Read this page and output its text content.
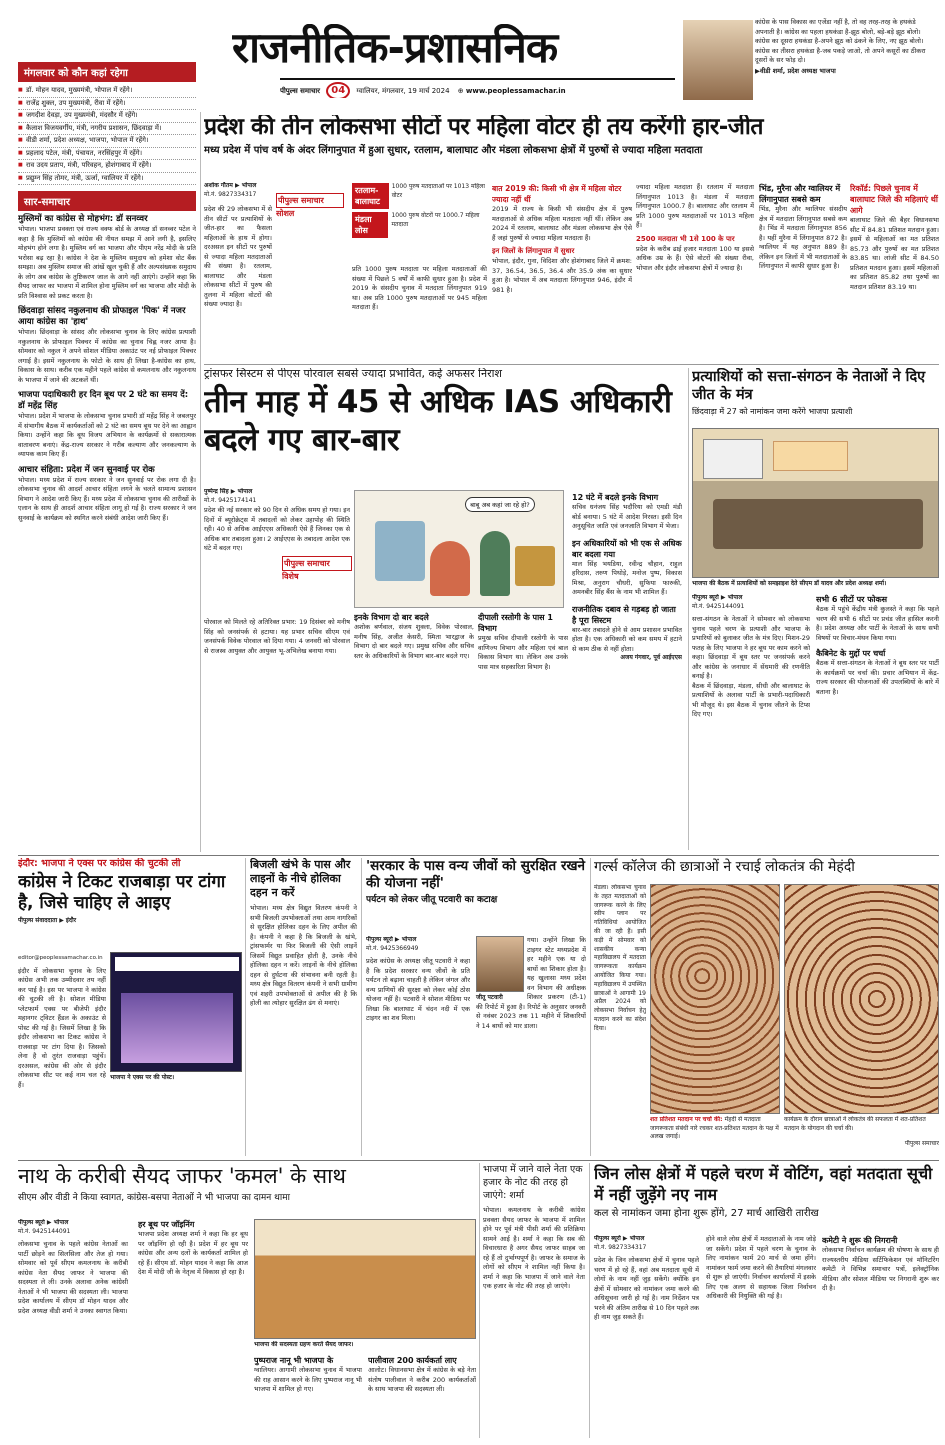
राजनीतिक-प्रशासनिक
पीपुल्स समाचार 04 ग्वालियर, मंगलवार, 19 मार्च 2024 ⊕ www.peoplessamachar.in
कांग्रेस के पास विकास का एजेंडा नहीं है, तो वह तरह-तरह के हथकंडे अपनाती है। कांग्रेस का पहला हथकंडा है-झूठ बोलो, बड़े-बड़े झूठ बोलो। कांग्रेस का दूसरा हथकंडा है-अपने झूठ को ढंकने के लिए, नए झूठ बोलो। कांग्रेस का तीसरा हथकंडा है-जब पकड़े जाओ, तो अपने कसूरों का ठीकरा दूसरों के सर फोड़ दो।
▶वीडी शर्मा, प्रदेश अध्यक्ष भाजपा
मंगलवार को कौन कहां रहेगा
■ डॉ. मोहन यादव, मुख्यमंत्री, भोपाल में रहेंगे।
■ राजेंद्र शुक्ल, उप मुख्यमंत्री, रीवा में रहेंगे।
■ जगदीश देवड़ा, उप मुख्यमंत्री, मंदसौर में रहेंगे।
■ कैलाश विजयवर्गीय, मंत्री, नगरीय प्रशासन, छिंदवाड़ा में।
■ वीडी शर्मा, प्रदेश अध्यक्ष, भाजपा, भोपाल में रहेंगे।
■ प्रहलाद पटेल, मंत्री, पंचायत, नरसिंहपुर में रहेंगे।
■ राव उदय प्रताप, मंत्री, परिवहन, होशंगाबाद में रहेंगे।
■ प्रद्युम्न सिंह तोमर, मंत्री, ऊर्जा, ग्वालियर में रहेंगे।
सार-समाचार
मुस्लिमों का कांग्रेस से मोहभंग: डॉ सनव्वर
भोपाल। भाजपा प्रवक्ता एवं राज्य वक्फ बोर्ड के अध्यक्ष डॉ सनव्वर पटेल ने कहा है कि मुस्लिमों को कांग्रेस की नीयत समझ में आने लगी है, इसलिए मोहभंग होने लगा है। मुस्लिम वर्ग का भाजपा और पीएम नरेंद्र मोदी के प्रति भरोसा बढ़ रहा है। कांग्रेस ने देश के मुस्लिम समुदाय को हमेशा वोट बैंक समझा। अब मुस्लिम समाज की आंखें खुल चुकी हैं और अल्पसंख्यक समुदाय के लोग अब कांग्रेस के तुष्टिकरण जाल के आगे नहीं आएंगे। उन्होंने कहा कि सैयद जाफर का भाजपा में शामिल होना मुस्लिम वर्ग का भाजपा और मोदी के प्रति विश्वास को प्रकट करता है।
छिंदवाड़ा सांसद नकुलनाथ की प्रोफाइल 'पिक' में नजर आया कांग्रेस का 'हाथ'
भोपाल। छिंदवाड़ा के सांसद और लोकसभा चुनाव के लिए कांग्रेस प्रत्याशी नकुलनाथ के प्रोफाइल पिक्चर में कांग्रेस का चुनाव चिह्न नजर आया है। सोमवार को नकुल ने अपने सोशल मीडिया अकाउंट पर नई प्रोफाइल पिक्चर लगाई है। इसमें नकुलनाथ के फोटो के साथ ही लिखा है-कांग्रेस का हाथ, विकास के साथ। करीब एक महीने पहले कांग्रेस से कमलनाथ और नकुलनाथ के भाजपा में जाने की अटकलें थीं।
भाजपा पदाधिकारी हर दिन बूथ पर 2 घंटे का समय दें: डॉ महेंद्र सिंह
भोपाल। प्रदेश में भाजपा के लोकसभा चुनाव प्रभारी डॉ महेंद्र सिंह ने जबलपुर में संभागीय बैठक में कार्यकर्ताओं को 2 घंटे का समय बूथ पर देने का आह्वान किया। उन्होंने कहा कि बूथ विजय अभियान के कार्यक्रमों से सकारात्मक वातावरण बनाएं। केंद्र-राज्य सरकार ने गरीब कल्याण और जनकल्याण के व्यापक काम किए हैं।
आचार संहिता: प्रदेश में जन सुनवाई पर रोक
भोपाल। मध्य प्रदेश में राज्य सरकार ने जन सुनवाई पर रोक लगा दी है। लोकसभा चुनाव की आदर्श आचार संहिता लगने के चलते सामान्य प्रशासन विभाग ने आदेश जारी किए हैं। मध्य प्रदेश में लोकसभा चुनाव की तारीखों के एलान के साथ ही आदर्श आचार संहिता लागू हो गई है। राज्य सरकार ने जन सुनवाई के कार्यक्रम को स्थगित करने संबंधी आदेश जारी किए हैं।
प्रदेश की तीन लोकसभा सीटों पर महिला वोटर ही तय करेंगी हार-जीत
मध्य प्रदेश में पांच वर्ष के अंदर लिंगानुपात में हुआ सुधार, रतलाम, बालाघाट और मंडला लोकसभा क्षेत्रों में पुरुषों से ज्यादा महिला मतदाता
अशोक गौतम ▶ भोपाल
मो.नं. 9827334317
प्रदेश की 29 लोकसभा में से तीन सीटों पर प्रत्याशियों के जीत-हार का फैसला महिलाओं के हाथ में होगा। दरअसल इन सीटों पर पुरुषों से ज्यादा महिला मतदाताओं की संख्या है। रतलाम, बालाघाट और मंडला लोकसभा सीटों में पुरुष की तुलना में महिला वोटरों की संख्या ज्यादा है।
पीपुल्स समाचार
सोशल
रतलाम-बालाघाट
1000 पुरुष मतदाताओं पर 1013 महिला वोटर
मंडला लोस
1000 पुरुष वोटरों पर 1000.7 महिला मतदाता
प्रति 1000 पुरुष मतदाता पर महिला मतदाताओं की संख्या में पिछले 5 वर्षों में काफी सुधार हुआ है। प्रदेश में 2019 के संसदीय चुनाव में मतदाता लिंगानुपात 919 था। अब प्रति 1000 पुरुष मतदाताओं पर 945 महिला मतदाता हैं।
बात 2019 की: किसी भी क्षेत्र में महिला वोटर ज्यादा नहीं थीं
2019 में राज्य के किसी भी संसदीय क्षेत्र में पुरुष मतदाताओं से अधिक महिला मतदाता नहीं थीं। लेकिन अब 2024 में रतलाम, बालाघाट और मंडला लोकसभा क्षेत्र ऐसे हैं जहां पुरुषों से ज्यादा महिला मतदाता हैं।
इन जिलों के लिंगानुपात में सुधार
भोपाल, इंदौर, गुना, विदिशा और होशंगाबाद जिले में क्रमश: 37, 36.54, 36.5, 36.4 और 35.9 अंक का सुधार हुआ है। भोपाल में अब मतदाता लिंगानुपात 946, इंदौर में 981 है।
ज्यादा महिला मतदाता हैं। रतलाम में मतदाता लिंगानुपात 1013 है। मंडला में मतदाता लिंगानुपात 1000.7 है। बालाघाट और रतलाम में प्रति 1000 पुरुष मतदाताओं पर 1013 महिला हैं।
2500 मतदाता भी 1से 100 के पार
प्रदेश के करीब ढाई हजार मतदाता 100 या इससे अधिक उम्र के हैं। ऐसे वोटरों की संख्या रीवा, भोपाल और इंदौर लोकसभा क्षेत्रों में ज्यादा है।
भिंड, मुरैना और ग्वालियर में लिंगानुपात सबसे कम
भिंड, मुरैना और ग्वालियर संसदीय क्षेत्र में मतदाता लिंगानुपात सबसे कम है। भिंड में मतदाता लिंगानुपात 856 है। यहीं मुरैना में लिंगानुपात 872 है। ग्वालियर में यह अनुपात 889 है। लेकिन इन जिलों में भी मतदाताओं के लिंगानुपात में काफी सुधार हुआ है।
रिकॉर्ड: पिछले चुनाव में बालाघाट जिले की महिलाएं थीं आगे
बालाघाट जिले की बैहर विधानसभा सीट में 84.81 प्रतिशत मतदान हुआ। इसमें से महिलाओं का मत प्रतिशत 85.73 और पुरुषों का मत प्रतिशत 83.85 था। लांजी सीट में 84.50 प्रतिशत मतदान हुआ। इसमें महिलाओं का प्रतिशत 85.82 तथा पुरुषों का मतदान प्रतिशत 83.19 था।
ट्रांसफर सिस्टम से पीएस पोरवाल सबसे ज्यादा प्रभावित, कई अफसर निराश
तीन माह में 45 से अधिक IAS अधिकारी बदले गए बार-बार
पुष्पेन्द्र सिंह ▶ भोपाल
मो.नं. 9425174141
बाबू अब कहां जा रहे हो?
प्रदेश की नई सरकार को 90 दिन से अधिक समय हो गया। इन दिनों में ब्यूरोक्रेट्स में तबादलों को लेकर उहापोह की स्थिति रही। 40 से अधिक आईएएस अधिकारी ऐसे हैं जिनका एक से अधिक बार तबादला हुआ। 2 आईएएस के तबादला आदेश एक घंटे में बदल गए।
पीपुल्स समाचार
विशेष
पोरवाल को मिलते रहे अतिरिक्त प्रभार: 19 दिसंबर को मनीष सिंह को जनसंपर्क से हटाया। यह प्रभार सचिव सीएम एवं जनसंपर्क विवेक पोरवाल को दिया गया। 4 जनवरी को पोरवाल से राजस्व आयुक्त और आयुक्त भू-अभिलेख बनाया गया।
इनके विभाग दो बार बदले
अशोक बर्णवाल, संजय शुक्ला, विवेक पोरवाल, मनीष सिंह, अजीत केसरी, स्मिता भारद्वाज के विभाग दो बार बदले गए। प्रमुख सचिव और सचिव स्तर के अधिकारियों के विभाग बार-बार बदले गए।
दीपाली रस्तोगी के पास 1 विभाग
प्रमुख सचिव दीपाली रस्तोगी के पास वाणिज्य विभाग और महिला एवं बाल विकास विभाग था। लेकिन अब उनके पास मात्र सहकारिता विभाग है।
12 घंटे में बदले इनके विभाग
सचिव धनंजय सिंह भदौरिया को एमडी मंडी बोर्ड बनाया। 5 घंटे में आदेश निरस्त। इसी दिन अनुसूचित जाति एवं जनजाति विभाग में भेजा।
इन अधिकारियों को भी एक से अधिक बार बदला गया
माल सिंह भयडिया, रवीन्द्र चौहान, राहुल हरिदास, तरुण पिथोड़े, मनोज पुष्प, विकास मिश्रा, अनुराग चौधरी, सुफिया फारुकी, अमनबीर सिंह बैंस के नाम भी शामिल हैं।
राजनीतिक दबाव से गड़बड़ हो जाता है पूरा सिस्टम
बार-बार तबादले होने से आम प्रशासन प्रभावित होता है। एक अधिकारी को कम समय में हटाने से काम ठीक से नहीं होता।
अजय गंगवार, पूर्व आईएएस
प्रत्याशियों को सत्ता-संगठन के नेताओं ने दिए जीत के मंत्र
छिंदवाड़ा में 27 को नामांकन जमा करेंगे भाजपा प्रत्याशी
भाजपा की बैठक में प्रत्याशियों को समझाइश देते सीएम डॉ यादव और प्रदेश अध्यक्ष शर्मा।
पीपुल्स ब्यूरो ▶ भोपाल
मो.नं. 9425144091
सत्ता-संगठन के नेताओं ने सोमवार को लोकसभा चुनाव पहले चरण के प्रत्याशी और भाजपा के प्रभारियों को बुलाकर जीत के मंत्र दिए। मिशन-29 फतह के लिए भाजपा ने हर बूथ पर काम करने को कहा। छिंदवाड़ा में बूथ स्तर पर जनसंपर्क करने और कांग्रेस के जनाधार में सेंधमारी की रणनीति बनाई है।
बैठक में छिंदवाड़ा, मंडला, सीधी और बालाघाट के प्रत्याशियों के अलावा पार्टी के प्रभारी-पदाधिकारी भी मौजूद थे। इस बैठक में चुनाव जीतने के टिप्स दिए गए।
सभी 6 सीटों पर फोकस
बैठक में पहुंचे केंद्रीय मंत्री कुलस्ते ने कहा कि पहले चरण की सभी 6 सीटों पर प्रचंड जीत हासिल करनी है। प्रदेश अध्यक्ष और पार्टी के नेताओं के साथ सभी विषयों पर विचार-मंथन किया गया।
कैबिनेट के मुद्दों पर चर्चा
बैठक में सत्ता-संगठन के नेताओं ने बूथ स्तर पर पार्टी के कार्यक्रमों पर चर्चा की। प्रचार अभियान में केंद्र-राज्य सरकार की योजनाओं की उपलब्धियों के बारे में बताना है।
इंदौर: भाजपा ने एक्स पर कांग्रेस की चुटकी ली
कांग्रेस ने टिकट राजबाड़ा पर टांगा है, जिसे चाहिए ले आइए
पीपुल्स संवाददाता ▶ इंदौर
editor@peoplessamachar.co.in
इंदौर में लोकसभा चुनाव के लिए कांग्रेस अभी तक उम्मीदवार तय नहीं कर पाई है। इस पर भाजपा ने कांग्रेस की चुटकी ली है। सोशल मीडिया प्लेटफार्म एक्स पर बीजेपी इंदौर महानगर ट्विटर हैंडल के अकाउंट से पोस्ट की गई है। जिसमें लिखा है कि इंदौर लोकसभा का टिकट कांग्रेस ने राजवाड़ा पर टांग दिया है। जिसको लेना है वो तुरंत राजवाड़ा पहुंचें। दरअसल, कांग्रेस की ओर से इंदौर लोकसभा सीट पर कई नाम चल रहे हैं।
भाजपा ने एक्स पर की पोस्ट।
बिजली खंभे के पास और लाइनों के नीचे होलिका दहन न करें
भोपाल। मध्य क्षेत्र विद्युत वितरण कंपनी ने सभी बिजली उपभोक्ताओं तथा आम नागरिकों से सुरक्षित होलिका दहन के लिए अपील की है। कंपनी ने कहा है कि बिजली के खंभे, ट्रांसफार्मर या फिर बिजली की ऐसी लाइनें जिसमें विद्युत प्रवाहित होती है, उनके नीचे होलिका दहन न करें। लाइनों के नीचे होलिका दहन से दुर्घटना की संभावना बनी रहती है। मध्य क्षेत्र विद्युत वितरण कंपनी ने सभी ग्रामीण एवं शहरी उपभोक्ताओं से अपील की है कि होली का त्योहार सुरक्षित ढंग से मनाएं।
'सरकार के पास वन्य जीवों को सुरक्षित रखने की योजना नहीं'
पर्यटन को लेकर जीतू पटवारी का कटाक्ष
पीपुल्स ब्यूरो ▶ भोपाल
मो.नं. 9425366949
प्रदेश कांग्रेस के अध्यक्ष जीतू पटवारी ने कहा है कि प्रदेश सरकार वन्य जीवों के प्रति पर्यटन तो बढ़ाना चाहती है लेकिन जंगल और वन्य प्राणियों की सुरक्षा को लेकर कोई ठोस योजना नहीं है। पटवारी ने सोशल मीडिया पर लिखा कि बालाघाट में चंदन नदी में एक टाइगर का शव मिला।
गया। उन्होंने लिखा कि टाइगर स्टेट मध्यप्रदेश में हर महीने एक या दो बाघों का शिकार होता है। यह खुलासा मध्य प्रदेश वन विभाग की अधीक्षक शिकार प्रकरण (टी-1) की रिपोर्ट में हुआ है। रिपोर्ट के अनुसार जनवरी से नवंबर 2023 तक 11 महीने में शिकारियों ने 14 बाघों को मार डाला।
जीतू पटवारी
गर्ल्स कॉलेज की छात्राओं ने रचाई लोकतंत्र की मेहंदी
मंडला। लोकसभा चुनाव के तहत मतदाताओं को जागरूक करने के लिए स्वीप प्लान पर गतिविधियां आयोजित की जा रही हैं। इसी कड़ी में सोमवार को शासकीय कन्या महाविद्यालय में मतदाता जागरूकता कार्यक्रम आयोजित किया गया। महाविद्यालय में उपस्थित छात्राओं ने आगामी 19 अप्रैल 2024 को लोकसभा निर्वाचन हेतु मतदान करने का संदेश दिया।
शत प्रतिशत मतदान पर चर्चा की: मेंहदी से मतदाता जागरूकता संबंधी नारे रचकर शत-प्रतिशत मतदान के पक्ष में अलख जगाई।
कार्यक्रम के दौरान छात्राओं ने लोकतंत्र की सफलता में शत-प्रतिशत मतदान के योगदान की चर्चा की।
पीपुल्स समाचार
नाथ के करीबी सैयद जाफर 'कमल' के साथ
सीएम और वीडी ने किया स्वागत, कांग्रेस-बसपा नेताओं ने भी भाजपा का दामन थामा
पीपुल्स ब्यूरो ▶ भोपाल
मो.नं. 9425144091
लोकसभा चुनाव के पहले कांग्रेस नेताओं का पार्टी छोड़ने का सिलसिला और तेज हो गया। सोमवार को पूर्व सीएम कमलनाथ के करीबी कांग्रेस नेता सैयद जाफर ने भाजपा की सदस्यता ले ली। उनके अलावा अनेक कांग्रेसी नेताओं ने भी भाजपा की सदस्यता ली। भाजपा प्रदेश कार्यालय में सीएम डॉ मोहन यादव और प्रदेश अध्यक्ष वीडी शर्मा ने उनका स्वागत किया।
हर बूथ पर जॉइनिंग
भाजपा प्रदेश अध्यक्ष शर्मा ने कहा कि हर बूथ पर जॉइनिंग हो रही है। प्रदेश में हर बूथ पर कांग्रेस और अन्य दलों के कार्यकर्ता शामिल हो रहे हैं। सीएम डॉ. मोहन यादव ने कहा कि आज देश में मोदी जी के नेतृत्व में विकास हो रहा है।
भाजपा की सदस्यता ग्रहण करते सैयद जाफर।
पुष्पराज नानू भी भाजपा के
ग्वालियर। आगामी लोकसभा चुनाव में भाजपा की राह आसान करने के लिए पुष्पराज नानू भी भाजपा में शामिल हो गए।
पालीवाल 200 कार्यकर्ता लाए
आलोट। विधानसभा क्षेत्र में कांग्रेस के बड़े नेता संतोष पालीवाल ने करीब 200 कार्यकर्ताओं के साथ भाजपा की सदस्यता ली।
भाजपा में जाने वाले नेता एक हजार के नोट की तरह हो जाएंगे: शर्मा
भोपाल। कमलनाथ के करीबी कांग्रेस प्रवक्ता सैयद जाफर के भाजपा में शामिल होने पर पूर्व मंत्री पीसी शर्मा की प्रतिक्रिया सामने आई है। शर्मा ने कहा कि सब की विचारधारा है अगर सैयद जाफर साहब जा रहे हैं तो दुर्भाग्यपूर्ण है। जाफर के समाज के लोगों को सीएम ने शामिल नहीं किया है। शर्मा ने कहा कि भाजपा में जाने वाले नेता एक हजार के नोट की तरह हो जाएंगे।
जिन लोस क्षेत्रों में पहले चरण में वोटिंग, वहां मतदाता सूची में नहीं जुड़ेंगे नए नाम
कल से नामांकन जमा होना शुरू होंगे, 27 मार्च आखिरी तारीख
पीपुल्स ब्यूरो ▶ भोपाल
मो.नं. 9827334317
प्रदेश के जिन लोकसभा क्षेत्रों में चुनाव पहले चरण में हो रहे हैं, वहां अब मतदाता सूची में लोगों के नाम नहीं जुड़ सकेंगे। क्योंकि इन क्षेत्रों में सोमवार को नामांकन जमा करने की अधिसूचना जारी हो गई है। नाम निर्देशन पत्र भरने की अंतिम तारीख से 10 दिन पहले तक ही नाम जुड़ सकते हैं।
होने वाले लोस क्षेत्रों में मतदाताओं के नाम जोड़े जा सकेंगे। प्रदेश में पहले चरण के चुनाव के लिए नामांकन फार्म 20 मार्च से जमा होंगे। नामांकन फार्म जमा करने की तैयारियां मंगलवार से शुरू हो जाएंगी। निर्वाचन कार्यालयों में इसके लिए एक अलग से सहायक जिला निर्वाचन अधिकारी की नियुक्ति की गई है।
कमेटी ने शुरू की निगरानी
लोकसभा निर्वाचन कार्यक्रम की घोषणा के साथ ही राज्यस्तरीय मीडिया सर्टिफिकेशन एवं मॉनिटरिंग कमेटी ने विभिन्न समाचार पत्रों, इलेक्ट्रॉनिक मीडिया और सोशल मीडिया पर निगरानी शुरू कर दी है।
